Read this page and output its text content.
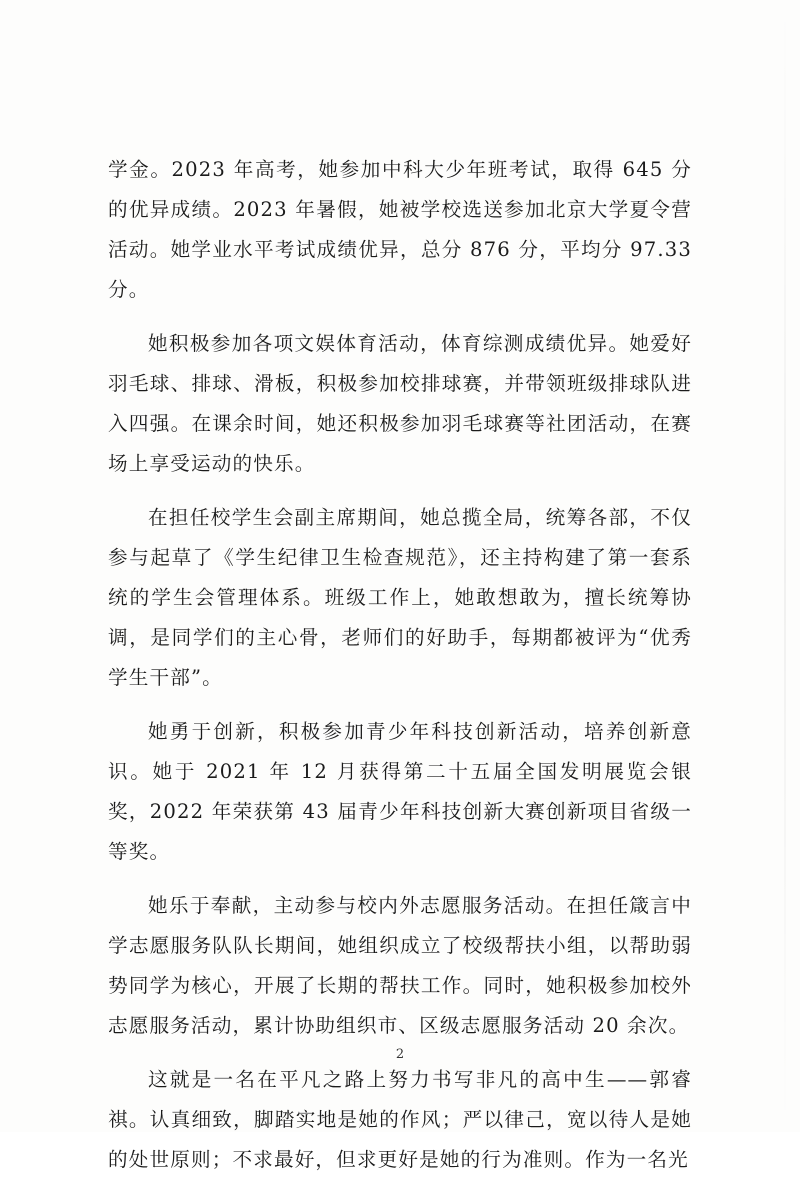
学金。2023 年高考，她参加中科大少年班考试，取得 645 分的优异成绩。2023 年暑假，她被学校选送参加北京大学夏令营活动。她学业水平考试成绩优异，总分 876 分，平均分 97.33 分。

她积极参加各项文娱体育活动，体育综测成绩优异。她爱好羽毛球、排球、滑板，积极参加校排球赛，并带领班级排球队进入四强。在课余时间，她还积极参加羽毛球赛等社团活动，在赛场上享受运动的快乐。

在担任校学生会副主席期间，她总揽全局，统筹各部，不仅参与起草了《学生纪律卫生检查规范》，还主持构建了第一套系统的学生会管理体系。班级工作上，她敢想敢为，擅长统筹协调，是同学们的主心骨，老师们的好助手，每期都被评为“优秀学生干部”。

她勇于创新，积极参加青少年科技创新活动，培养创新意识。她于 2021 年 12 月获得第二十五届全国发明展览会银奖，2022 年荣获第 43 届青少年科技创新大赛创新项目省级一等奖。

她乐于奉献，主动参与校内外志愿服务活动。在担任箴言中学志愿服务队队长期间，她组织成立了校级帮扶小组，以帮助弱势同学为核心，开展了长期的帮扶工作。同时，她积极参加校外志愿服务活动，累计协助组织市、区级志愿服务活动 20 余次。

这就是一名在平凡之路上努力书写非凡的高中生——郭睿祺。认真细致，脚踏实地是她的作风；严以律己，宽以待人是她的处世原则；不求最好，但求更好是她的行为准则。作为一名光

2
